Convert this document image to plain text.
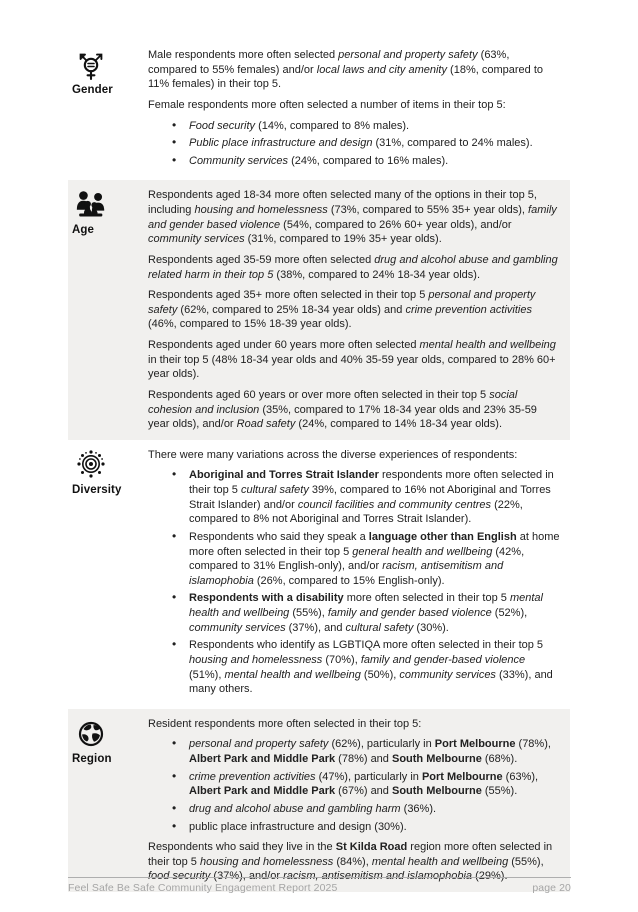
Gender

Male respondents more often selected personal and property safety (63%, compared to 55% females) and/or local laws and city amenity (18%, compared to 11% females) in their top 5.

Female respondents more often selected a number of items in their top 5:

• Food security (14%, compared to 8% males).
• Public place infrastructure and design (31%, compared to 24% males).
• Community services (24%, compared to 16% males).
Age

Respondents aged 18-34 more often selected many of the options in their top 5, including housing and homelessness (73%, compared to 55% 35+ year olds), family and gender based violence (54%, compared to 26% 60+ year olds), and/or community services (31%, compared to 19% 35+ year olds).

Respondents aged 35-59 more often selected drug and alcohol abuse and gambling related harm in their top 5 (38%, compared to 24% 18-34 year olds).

Respondents aged 35+ more often selected in their top 5 personal and property safety (62%, compared to 25% 18-34 year olds) and crime prevention activities (46%, compared to 15% 18-39 year olds).

Respondents aged under 60 years more often selected mental health and wellbeing in their top 5 (48% 18-34 year olds and 40% 35-59 year olds, compared to 28% 60+ year olds).

Respondents aged 60 years or over more often selected in their top 5 social cohesion and inclusion (35%, compared to 17% 18-34 year olds and 23% 35-59 year olds), and/or Road safety (24%, compared to 14% 18-34 year olds).

Diversity

There were many variations across the diverse experiences of respondents:

• Aboriginal and Torres Strait Islander respondents more often selected in their top 5 cultural safety 39%, compared to 16% not Aboriginal and Torres Strait Islander) and/or council facilities and community centres (22%, compared to 8% not Aboriginal and Torres Strait Islander).
• Respondents who said they speak a language other than English at home more often selected in their top 5 general health and wellbeing (42%, compared to 31% English-only), and/or racism, antisemitism and islamophobia (26%, compared to 15% English-only).
• Respondents with a disability more often selected in their top 5 mental health and wellbeing (55%), family and gender based violence (52%), community services (37%), and cultural safety (30%).
• Respondents who identify as LGBTIQA more often selected in their top 5 housing and homelessness (70%), family and gender-based violence (51%), mental health and wellbeing (50%), community services (33%), and many others.
Region

Resident respondents more often selected in their top 5:

• personal and property safety (62%), particularly in Port Melbourne (78%), Albert Park and Middle Park (78%) and South Melbourne (68%).
• crime prevention activities (47%), particularly in Port Melbourne (63%), Albert Park and Middle Park (67%) and South Melbourne (55%).
• drug and alcohol abuse and gambling harm (36%).
• public place infrastructure and design (30%).

Respondents who said they live in the St Kilda Road region more often selected in their top 5 housing and homelessness (84%), mental health and wellbeing (55%), food security (37%), and/or racism, antisemitism and islamophobia (29%).

Feel Safe Be Safe Community Engagement Report 2025	page 20
